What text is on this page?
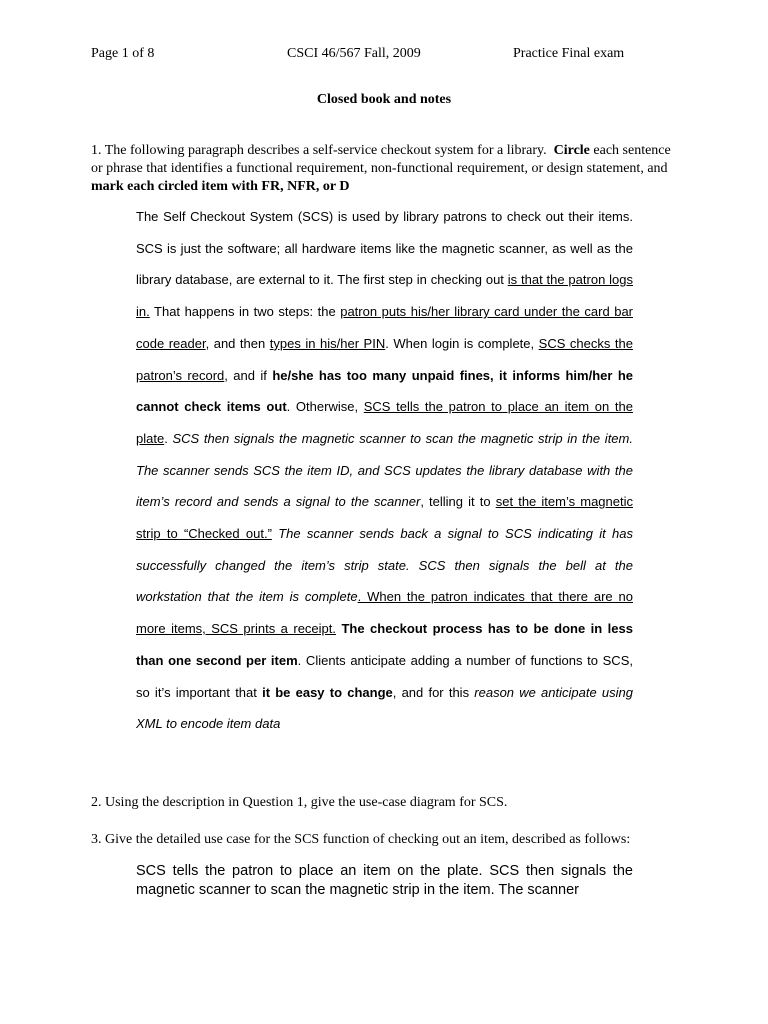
Page 1 of 8	CSCI 46/567 Fall, 2009	Practice Final exam
Closed book and notes
1. The following paragraph describes a self-service checkout system for a library. Circle each sentence or phrase that identifies a functional requirement, non-functional requirement, or design statement, and mark each circled item with FR, NFR, or D
The Self Checkout System (SCS) is used by library patrons to check out their items. SCS is just the software; all hardware items like the magnetic scanner, as well as the library database, are external to it. The first step in checking out is that the patron logs in. That happens in two steps: the patron puts his/her library card under the card bar code reader, and then types in his/her PIN. When login is complete, SCS checks the patron’s record, and if he/she has too many unpaid fines, it informs him/her he cannot check items out. Otherwise, SCS tells the patron to place an item on the plate. SCS then signals the magnetic scanner to scan the magnetic strip in the item. The scanner sends SCS the item ID, and SCS updates the library database with the item’s record and sends a signal to the scanner, telling it to set the item’s magnetic strip to “Checked out.” The scanner sends back a signal to SCS indicating it has successfully changed the item’s strip state. SCS then signals the bell at the workstation that the item is complete. When the patron indicates that there are no more items, SCS prints a receipt. The checkout process has to be done in less than one second per item. Clients anticipate adding a number of functions to SCS, so it’s important that it be easy to change, and for this reason we anticipate using XML to encode item data
2. Using the description in Question 1, give the use-case diagram for SCS.
3. Give the detailed use case for the SCS function of checking out an item, described as follows:
SCS tells the patron to place an item on the plate. SCS then signals the magnetic scanner to scan the magnetic strip in the item. The scanner
